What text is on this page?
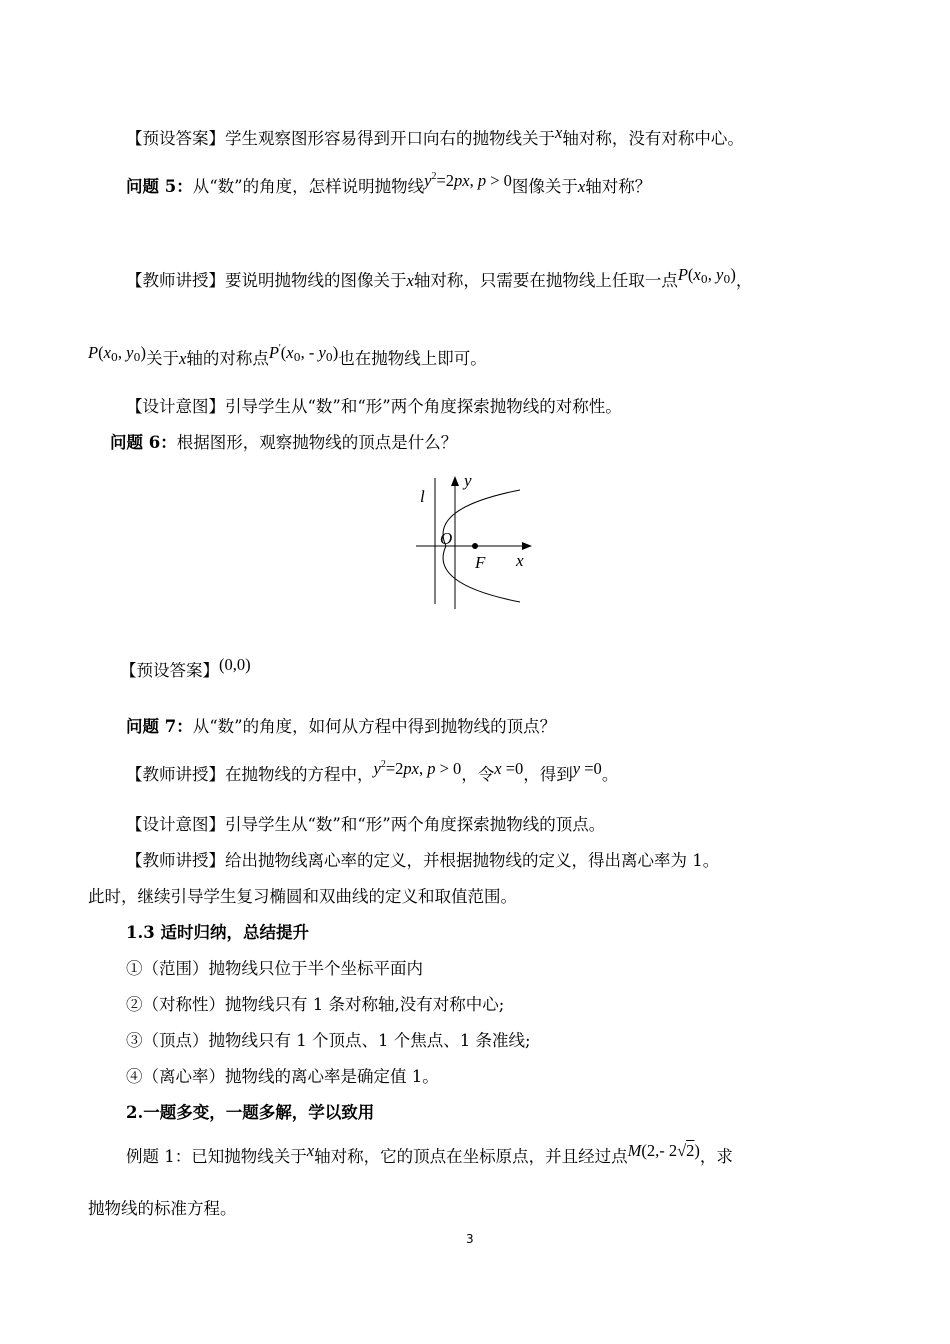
【预设答案】学生观察图形容易得到开口向右的抛物线关于x轴对称，没有对称中心。
问题 5：从“数”的角度，怎样说明抛物线$y^2=2px$, p > 0图像关于x轴对称？
【教师讲授】要说明抛物线的图像关于x轴对称，只需要在抛物线上任取一点$P(x_0$, $y_0$)，
$P(x_0$, $y_0$)关于x轴的对称点$P'(x_0$, - $y_0$)也在抛物线上即可。
【设计意图】引导学生从“数”和“形”两个角度探索抛物线的对称性。
问题 6：根据图形，观察抛物线的顶点是什么？
l
y
O
F x
【预设答案】(0,0)
问题 7：从“数”的角度，如何从方程中得到抛物线的顶点？
【教师讲授】在抛物线的方程中，$y^2=2px$, p > 0，令x =0，得到y =0。
【设计意图】引导学生从“数”和“形”两个角度探索抛物线的顶点。
【教师讲授】给出抛物线离心率的定义，并根据抛物线的定义，得出离心率为 1。
此时，继续引导学生复习椭圆和双曲线的定义和取值范围。
1.3 适时归纳，总结提升
①（范围）抛物线只位于半个坐标平面内
②（对称性）抛物线只有 1 条对称轴,没有对称中心;
③（顶点）抛物线只有 1 个顶点、1 个焦点、1 条准线;
④（离心率）抛物线的离心率是确定值 1。
2.一题多变，一题多解，学以致用
例题 1：已知抛物线关于x轴对称，它的顶点在坐标原点，并且经过点M(2,- 2√2)，求
抛物线的标准方程。
3
